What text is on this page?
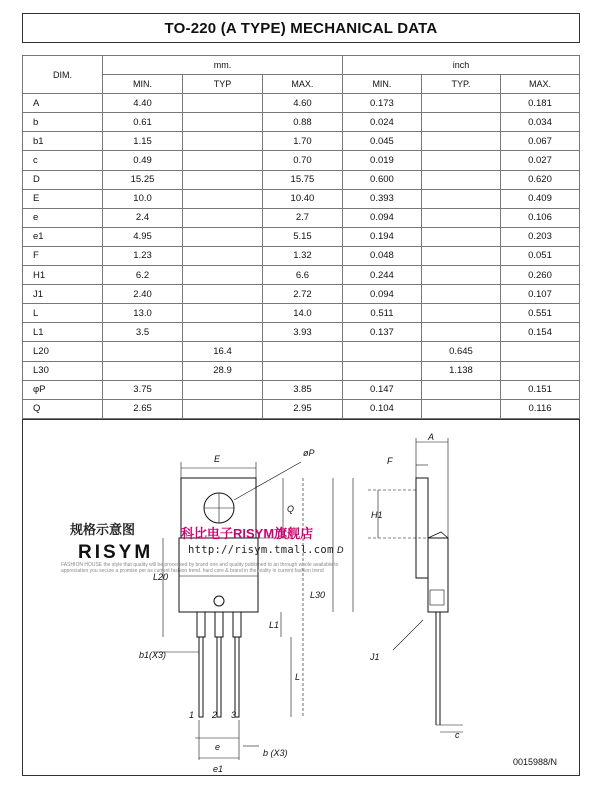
TO-220 (A TYPE) MECHANICAL DATA
DIM.	mm.			inch		
	MIN.	TYP	MAX.	MIN.	TYP.	MAX.
A	4.40		4.60	0.173		0.181
b	0.61		0.88	0.024		0.034
b1	1.15		1.70	0.045		0.067
c	0.49		0.70	0.019		0.027
D	15.25		15.75	0.600		0.620
E	10.0		10.40	0.393		0.409
e	2.4		2.7	0.094		0.106
e1	4.95		5.15	0.194		0.203
F	1.23		1.32	0.048		0.051
H1	6.2		6.6	0.244		0.260
J1	2.40		2.72	0.094		0.107
L	13.0		14.0	0.511		0.551
L1	3.5		3.93	0.137		0.154
L20		16.4			0.645	
L30		28.9			1.138	
φP	3.75		3.85	0.147		0.151
Q	2.65		2.95	0.104		0.116
E
øP
Q
L20
D
L30
L1
b1(X3)
L
1 2 3
b (X3)
e
e1
A
F
H1
J1
c
规格示意图
RISYM
科比电子RISYM旗舰店
http://risym.tmall.com
FASHION HOUSE the style that quality will be processed by brand one and quality published to an through whole available to appreciation you secure a promise per as current fashion trend. hard core & brand in the reality in current fashion trend
0015988/N
